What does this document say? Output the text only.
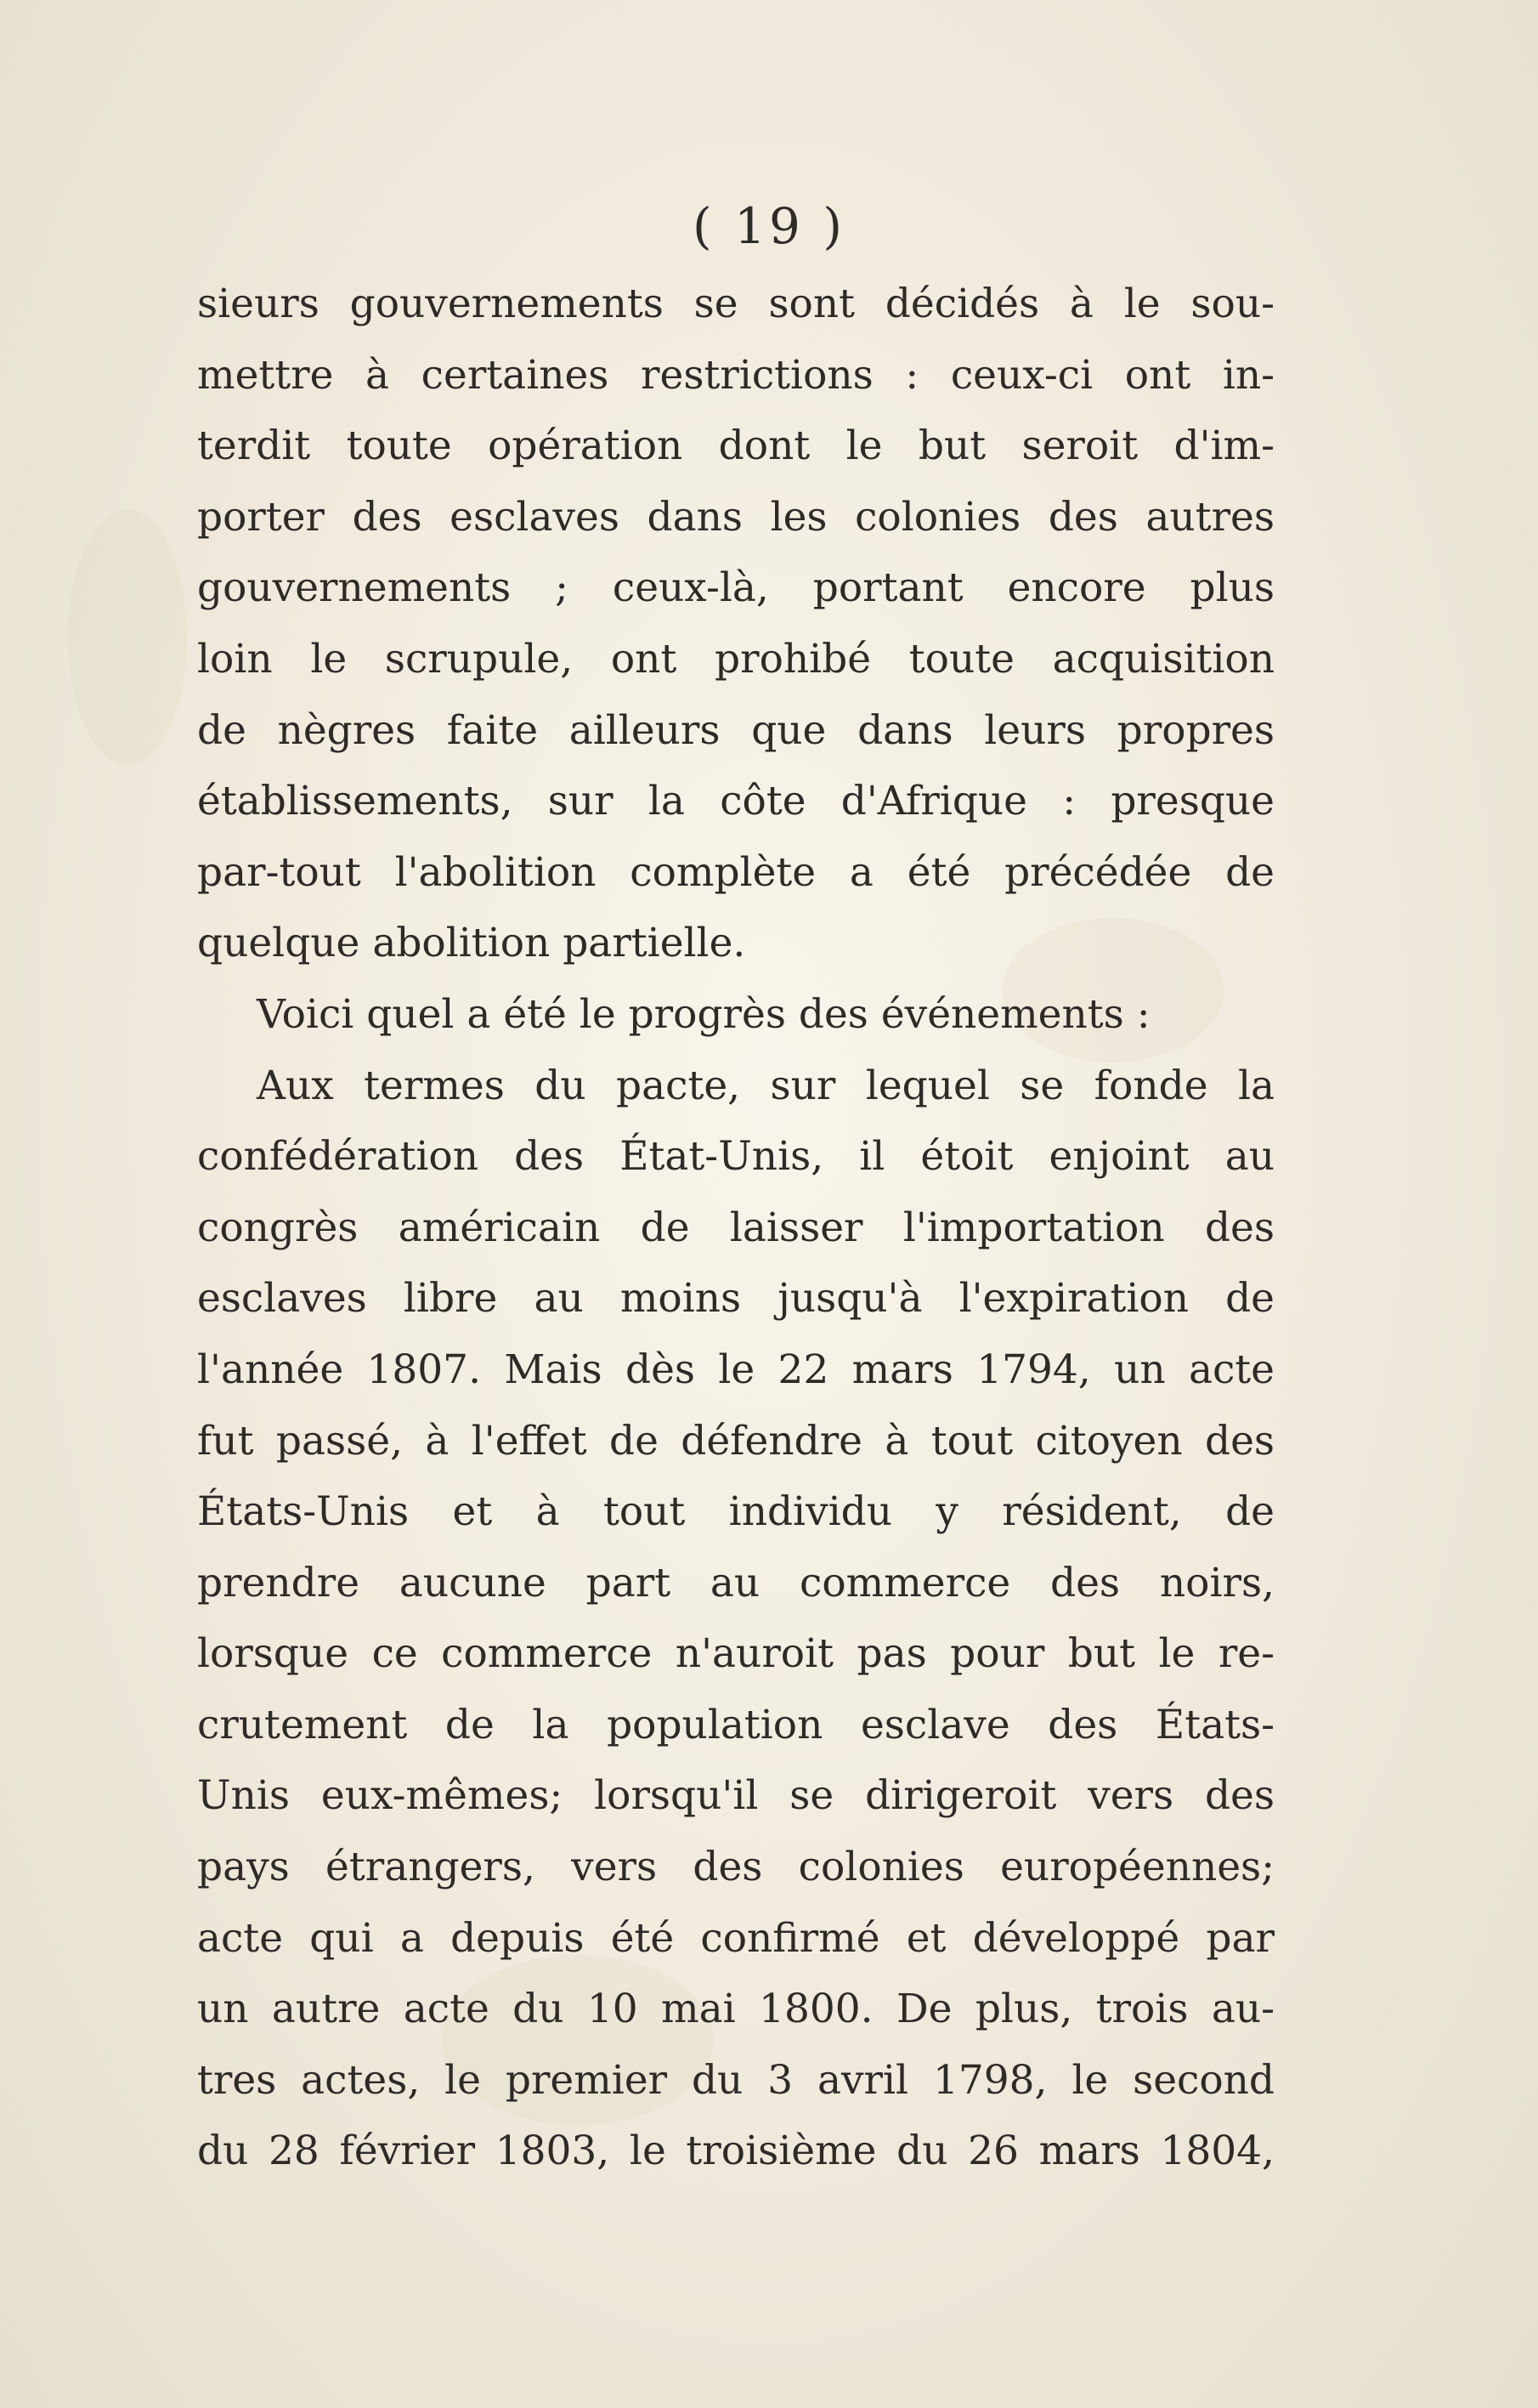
( 19 )
sieurs gouvernements se sont décidés à le sou-
mettre à certaines restrictions : ceux-ci ont in-
terdit toute opération dont le but seroit d'im-
porter des esclaves dans les colonies des autres
gouvernements ; ceux-là, portant encore plus
loin le scrupule, ont prohibé toute acquisition
de nègres faite ailleurs que dans leurs propres
établissements, sur la côte d'Afrique : presque
par-tout l'abolition complète a été précédée de
quelque abolition partielle.
Voici quel a été le progrès des événements :
Aux termes du pacte, sur lequel se fonde la
confédération des État-Unis, il étoit enjoint au
congrès américain de laisser l'importation des
esclaves libre au moins jusqu'à l'expiration de
l'année 1807. Mais dès le 22 mars 1794, un acte
fut passé, à l'effet de défendre à tout citoyen des
États-Unis et à tout individu y résident, de
prendre aucune part au commerce des noirs,
lorsque ce commerce n'auroit pas pour but le re-
crutement de la population esclave des États-
Unis eux-mêmes; lorsqu'il se dirigeroit vers des
pays étrangers, vers des colonies européennes;
acte qui a depuis été confirmé et développé par
un autre acte du 10 mai 1800. De plus, trois au-
tres actes, le premier du 3 avril 1798, le second
du 28 février 1803, le troisième du 26 mars 1804,
